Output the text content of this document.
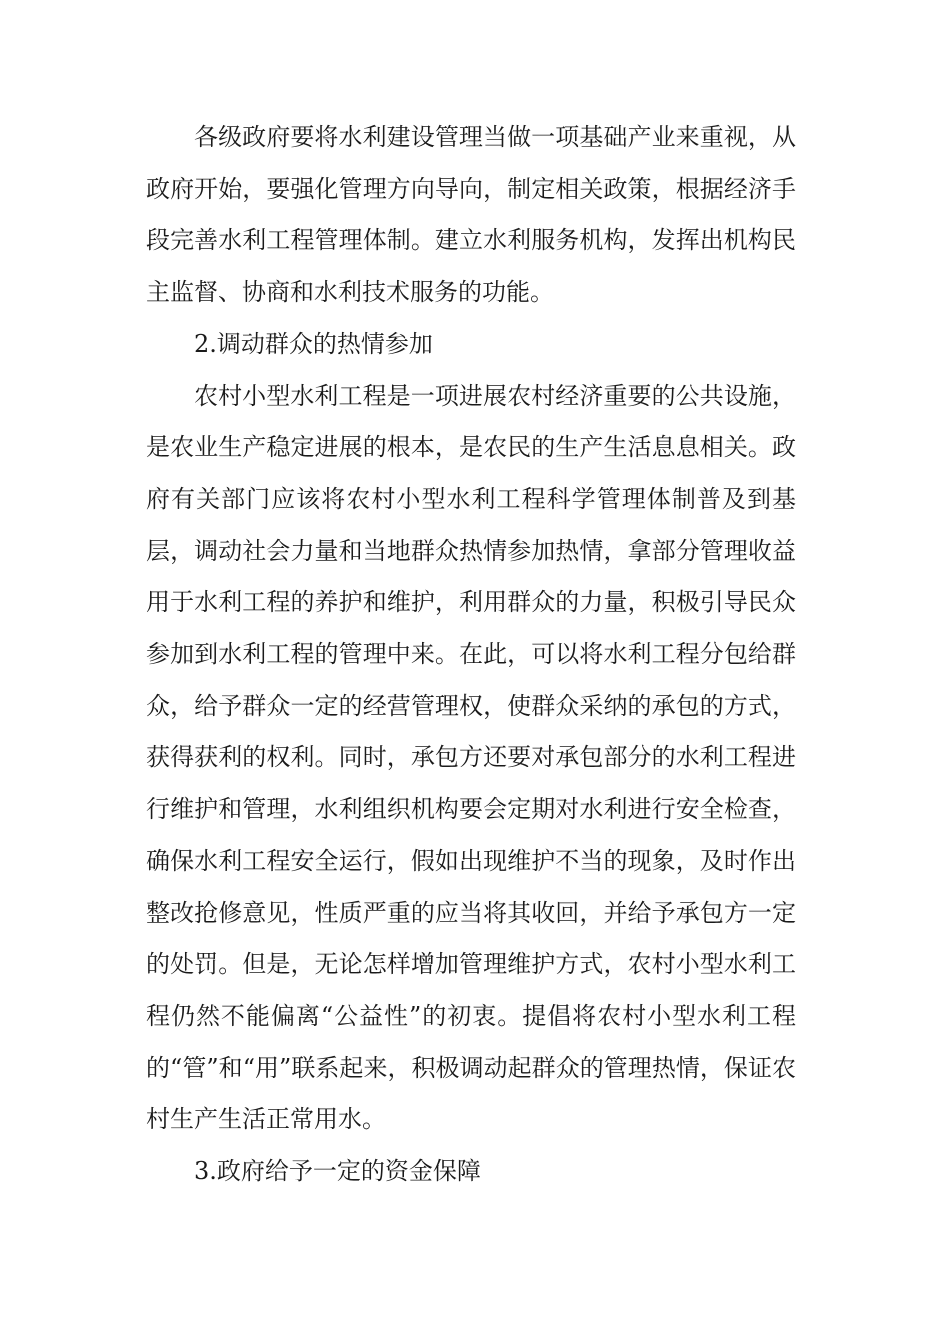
各级政府要将水利建设管理当做一项基础产业来重视，从政府开始，要强化管理方向导向，制定相关政策，根据经济手段完善水利工程管理体制。建立水利服务机构，发挥出机构民主监督、协商和水利技术服务的功能。

2.调动群众的热情参加

农村小型水利工程是一项进展农村经济重要的公共设施，是农业生产稳定进展的根本，是农民的生产生活息息相关。政府有关部门应该将农村小型水利工程科学管理体制普及到基层，调动社会力量和当地群众热情参加热情，拿部分管理收益用于水利工程的养护和维护，利用群众的力量，积极引导民众参加到水利工程的管理中来。在此，可以将水利工程分包给群众，给予群众一定的经营管理权，使群众采纳的承包的方式，获得获利的权利。同时，承包方还要对承包部分的水利工程进行维护和管理，水利组织机构要会定期对水利进行安全检查，确保水利工程安全运行，假如出现维护不当的现象，及时作出整改抢修意见，性质严重的应当将其收回，并给予承包方一定的处罚。但是，无论怎样增加管理维护方式，农村小型水利工程仍然不能偏离“公益性”的初衷。提倡将农村小型水利工程的“管”和“用”联系起来，积极调动起群众的管理热情，保证农村生产生活正常用水。

3.政府给予一定的资金保障
